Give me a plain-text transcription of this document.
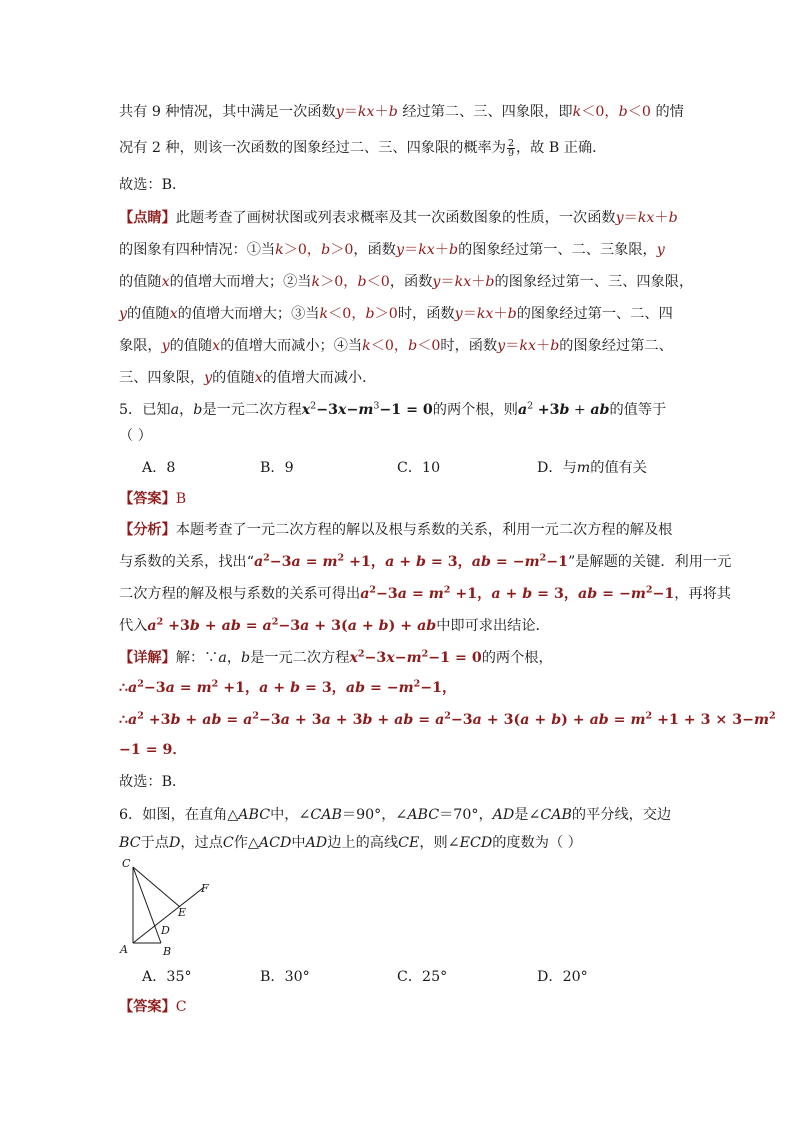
共有 9 种情况，其中满足一次函数y＝kx＋b 经过第二、三、四象限，即k＜0，b＜0 的情
况有 2 种，则该一次函数的图象经过二、三、四象限的概率为 $\frac{2}{9}$ ，故 B 正确．
故选：B．
【点睛】此题考查了画树状图或列表求概率及其一次函数图象的性质，一次函数y＝kx＋b
的图象有四种情况：①当k＞0，b＞0，函数y＝kx＋b的图象经过第一、二、三象限，y
的值随x的值增大而增大；②当k＞0，b＜0，函数y＝kx＋b的图象经过第一、三、四象限，
y的值随x的值增大而增大；③当k＜0，b＞0时，函数y＝kx＋b的图象经过第一、二、四
象限，y的值随x的值增大而减小；④当k＜0，b＜0时，函数y＝kx＋b的图象经过第二、
三、四象限，y的值随x的值增大而减小．
5．已知a，b是一元二次方程$x^2-3x-m^3-1 = 0$的两个根，则$a^2 +3b$ + ab的值等于
（ ）
A．8	B．9	C．10	D．与m的值有关
【答案】B
【分析】本题考查了一元二次方程的解以及根与系数的关系，利用一元二次方程的解及根
与系数的关系，找出“$a^2-3a = m^2 +1$，a + b = 3，ab = $-m^2-1$”是解题的关键．利用一元
二次方程的解及根与系数的关系可得出$a^2-3a = m^2 +1$，a + b = 3，ab = $-m^2-1$，再将其
代入$a^2 +3b$ + ab = $a^2-3a + 3(a + b)$ + ab中即可求出结论．
【详解】解：∵a，b是一元二次方程$x^2-3x-m^2-1 = 0$的两个根，
$\therefore a^2-3a = m^2 +1$，a + b = 3，ab = $-m^2-1$，
$\therefore a^2 +3b$ + ab = $a^2-3a + 3a + 3b$ + ab = $a^2-3a + 3(a + b)$ + ab = $m^2 +1 + 3 \times 3-m^2$
−1 = 9．
故选：B．
6．如图，在直角△ABC中，∠CAB＝90°，∠ABC＝70°，AD是∠CAB的平分线，交边
BC于点D，过点C作△ACD中AD边上的高线CE，则∠ECD的度数为（ ）
C
F
E
D
A	B
A．35°	B．30°	C．25°	D．20°
【答案】C
